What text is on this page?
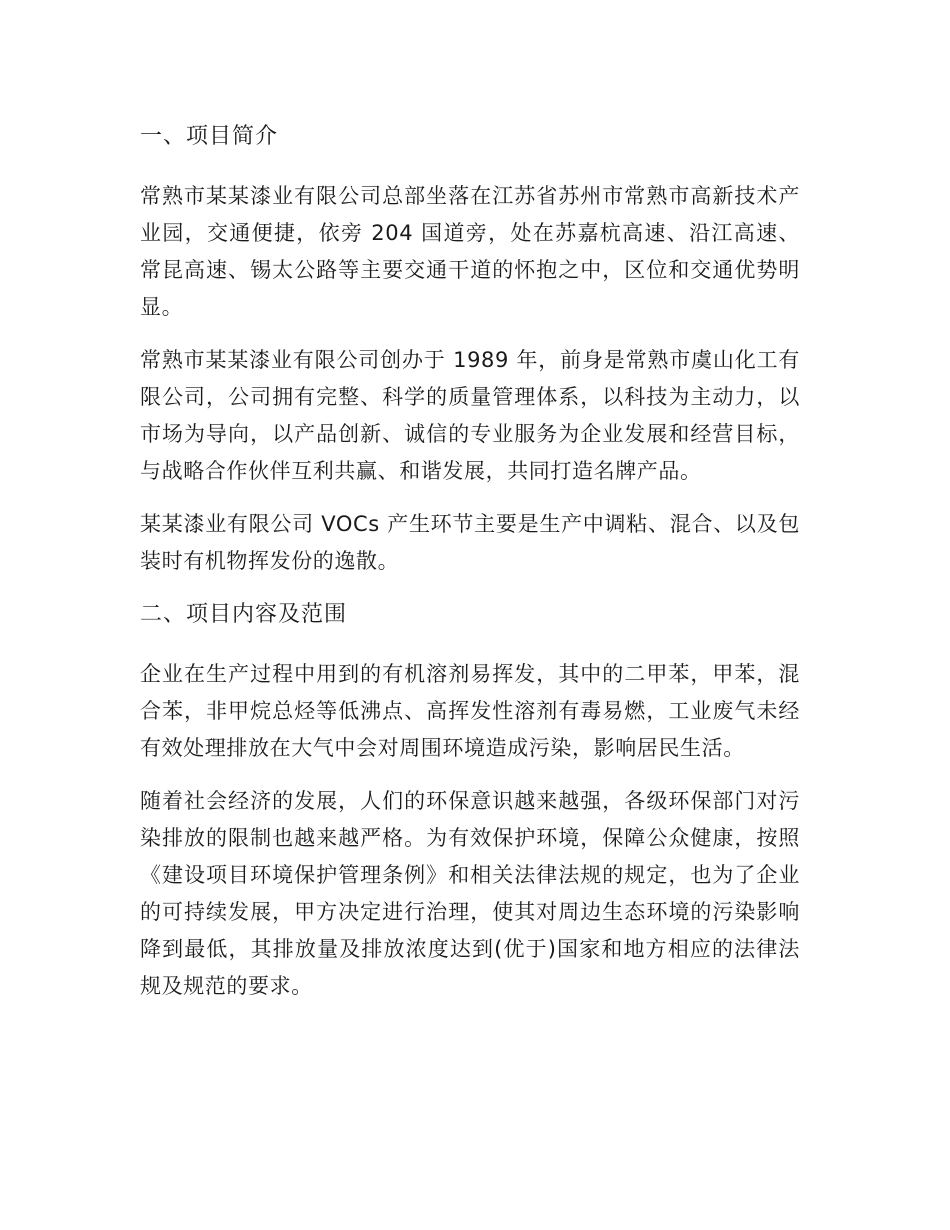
一、项目简介

常熟市某某漆业有限公司总部坐落在江苏省苏州市常熟市高新技术产业园，交通便捷，依旁 204 国道旁，处在苏嘉杭高速、沿江高速、常昆高速、锡太公路等主要交通干道的怀抱之中，区位和交通优势明显。

常熟市某某漆业有限公司创办于 1989 年，前身是常熟市虞山化工有限公司，公司拥有完整、科学的质量管理体系，以科技为主动力，以市场为导向，以产品创新、诚信的专业服务为企业发展和经营目标，与战略合作伙伴互利共赢、和谐发展，共同打造名牌产品。

某某漆业有限公司 VOCs 产生环节主要是生产中调粘、混合、以及包装时有机物挥发份的逸散。

二、项目内容及范围

企业在生产过程中用到的有机溶剂易挥发，其中的二甲苯，甲苯，混合苯，非甲烷总烃等低沸点、高挥发性溶剂有毒易燃，工业废气未经有效处理排放在大气中会对周围环境造成污染，影响居民生活。

随着社会经济的发展，人们的环保意识越来越强，各级环保部门对污染排放的限制也越来越严格。为有效保护环境，保障公众健康，按照《建设项目环境保护管理条例》和相关法律法规的规定，也为了企业的可持续发展，甲方决定进行治理，使其对周边生态环境的污染影响降到最低，其排放量及排放浓度达到(优于)国家和地方相应的法律法规及规范的要求。
